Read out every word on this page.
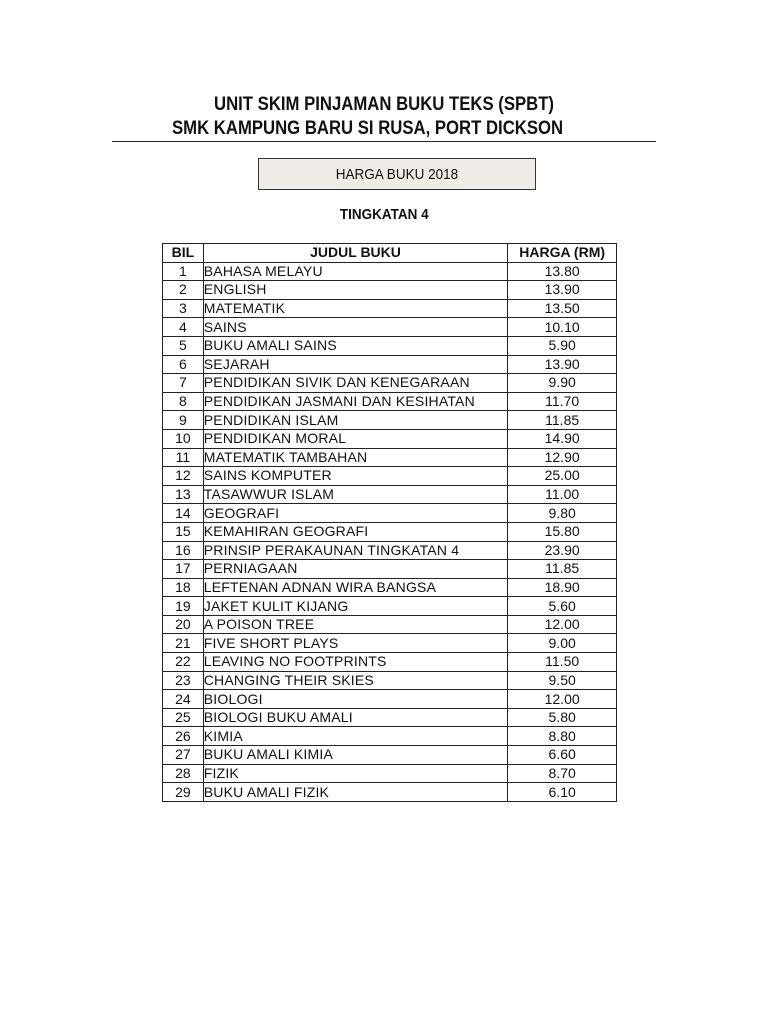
UNIT SKIM PINJAMAN BUKU TEKS (SPBT)
SMK KAMPUNG BARU SI RUSA, PORT DICKSON
HARGA BUKU 2018
TINGKATAN 4
BIL	JUDUL BUKU	HARGA (RM)
1	BAHASA MELAYU	13.80
2	ENGLISH	13.90
3	MATEMATIK	13.50
4	SAINS	10.10
5	BUKU AMALI SAINS	5.90
6	SEJARAH	13.90
7	PENDIDIKAN SIVIK DAN KENEGARAAN	9.90
8	PENDIDIKAN JASMANI DAN KESIHATAN	11.70
9	PENDIDIKAN ISLAM	11.85
10	PENDIDIKAN MORAL	14.90
11	MATEMATIK TAMBAHAN	12.90
12	SAINS KOMPUTER	25.00
13	TASAWWUR ISLAM	11.00
14	GEOGRAFI	9.80
15	KEMAHIRAN GEOGRAFI	15.80
16	PRINSIP PERAKAUNAN TINGKATAN 4	23.90
17	PERNIAGAAN	11.85
18	LEFTENAN ADNAN WIRA BANGSA	18.90
19	JAKET KULIT KIJANG	5.60
20	A POISON TREE	12.00
21	FIVE SHORT PLAYS	9.00
22	LEAVING NO FOOTPRINTS	11.50
23	CHANGING THEIR SKIES	9.50
24	BIOLOGI	12.00
25	BIOLOGI BUKU AMALI	5.80
26	KIMIA	8.80
27	BUKU AMALI KIMIA	6.60
28	FIZIK	8.70
29	BUKU AMALI FIZIK	6.10
